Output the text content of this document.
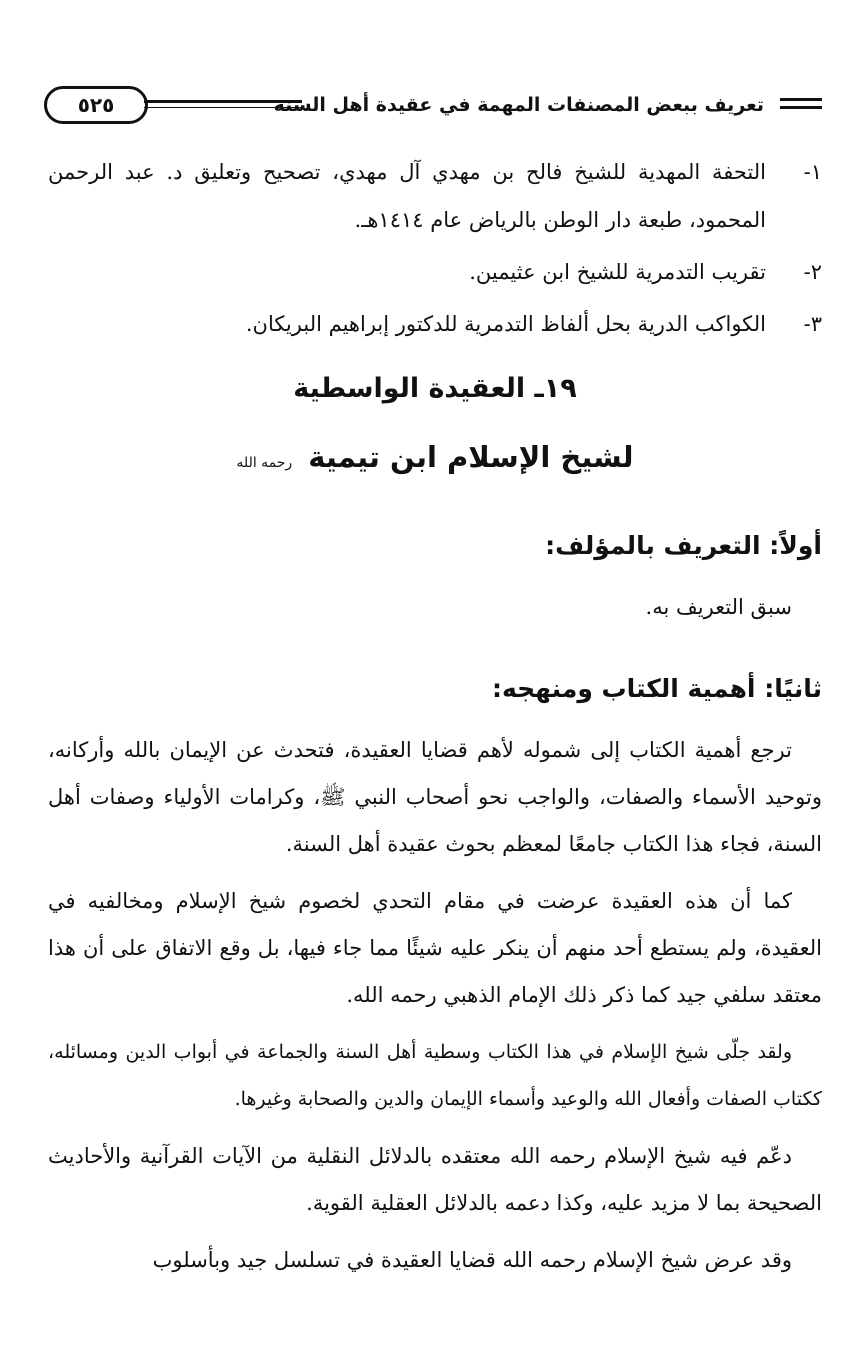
تعريف ببعض المصنفات المهمة في عقيدة أهل السنة
٥٢٥
١-التحفة المهدية للشيخ فالح بن مهدي آل مهدي، تصحيح وتعليق د. عبد الرحمن المحمود، طبعة دار الوطن بالرياض عام ١٤١٤هـ.
٢-تقريب التدمرية للشيخ ابن عثيمين.
٣-الكواكب الدرية بحل ألفاظ التدمرية للدكتور إبراهيم البريكان.
١٩ـ العقيدة الواسطية
لشيخ الإسلام ابن تيمية رحمه الله
أولاً: التعريف بالمؤلف:

سبق التعريف به.

ثانيًا: أهمية الكتاب ومنهجه:

ترجع أهمية الكتاب إلى شموله لأهم قضايا العقيدة، فتحدث عن الإيمان بالله وأركانه، وتوحيد الأسماء والصفات، والواجب نحو أصحاب النبي ﷺ، وكرامات الأولياء وصفات أهل السنة، فجاء هذا الكتاب جامعًا لمعظم بحوث عقيدة أهل السنة.

كما أن هذه العقيدة عرضت في مقام التحدي لخصوم شيخ الإسلام ومخالفيه في العقيدة، ولم يستطع أحد منهم أن ينكر عليه شيئًا مما جاء فيها، بل وقع الاتفاق على أن هذا معتقد سلفي جيد كما ذكر ذلك الإمام الذهبي رحمه الله.

ولقد جلّى شيخ الإسلام في هذا الكتاب وسطية أهل السنة والجماعة في أبواب الدين ومسائله، ككتاب الصفات وأفعال الله والوعيد وأسماء الإيمان والدين والصحابة وغيرها.

دعّم فيه شيخ الإسلام رحمه الله معتقده بالدلائل النقلية من الآيات القرآنية والأحاديث الصحيحة بما لا مزيد عليه، وكذا دعمه بالدلائل العقلية القوية.

وقد عرض شيخ الإسلام رحمه الله قضايا العقيدة في تسلسل جيد وبأسلوب
